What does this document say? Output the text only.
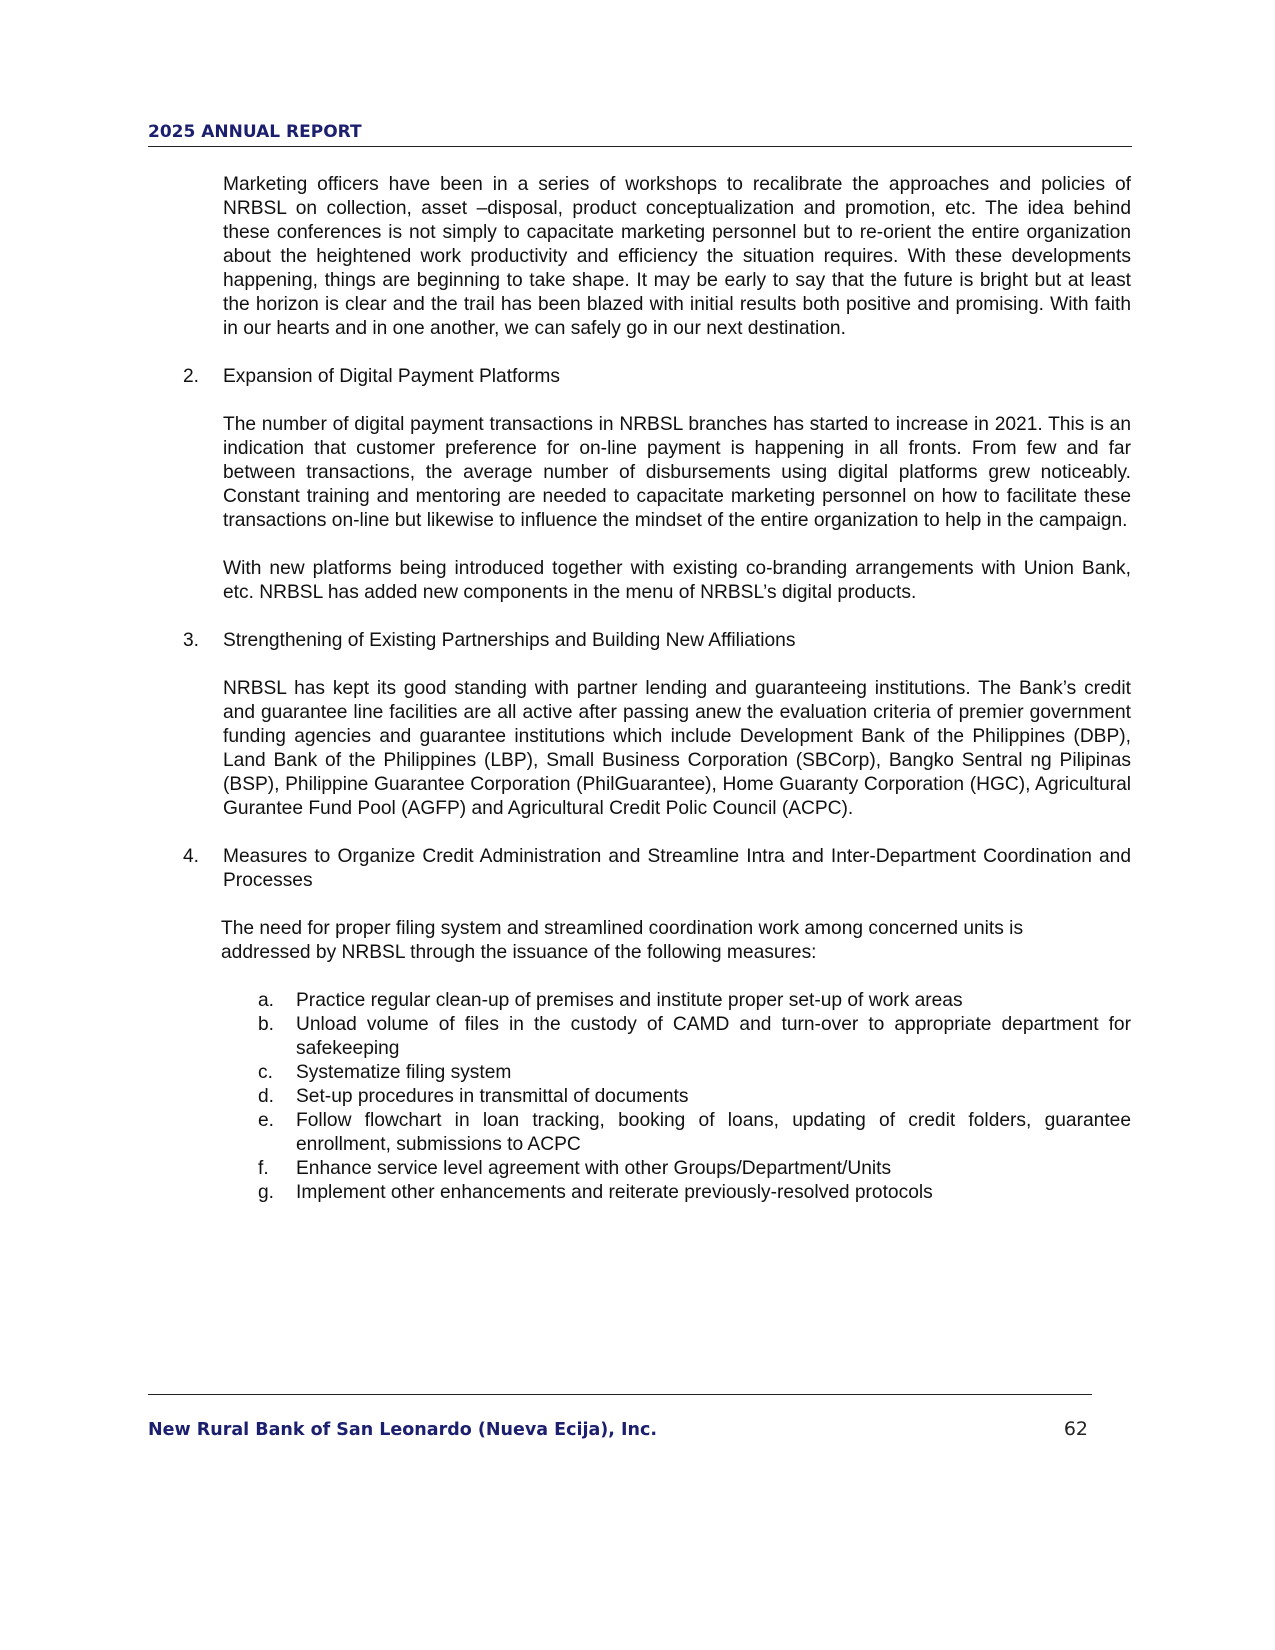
2025 ANNUAL REPORT

Marketing officers have been in a series of workshops to recalibrate the approaches and policies of NRBSL on collection, asset –disposal, product conceptualization and promotion, etc. The idea behind these conferences is not simply to capacitate marketing personnel but to re-orient the entire organization about the heightened work productivity and efficiency the situation requires. With these developments happening, things are beginning to take shape. It may be early to say that the future is bright but at least the horizon is clear and the trail has been blazed with initial results both positive and promising. With faith in our hearts and in one another, we can safely go in our next destination.

2.	Expansion of Digital Payment Platforms

The number of digital payment transactions in NRBSL branches has started to increase in 2021. This is an indication that customer preference for on-line payment is happening in all fronts. From few and far between transactions, the average number of disbursements using digital platforms grew noticeably. Constant training and mentoring are needed to capacitate marketing personnel on how to facilitate these transactions on-line but likewise to influence the mindset of the entire organization to help in the campaign.

With new platforms being introduced together with existing co-branding arrangements with Union Bank, etc. NRBSL has added new components in the menu of NRBSL’s digital products.

3.	Strengthening of Existing Partnerships and Building New Affiliations

NRBSL has kept its good standing with partner lending and guaranteeing institutions. The Bank’s credit and guarantee line facilities are all active after passing anew the evaluation criteria of premier government funding agencies and guarantee institutions which include Development Bank of the Philippines (DBP), Land Bank of the Philippines (LBP), Small Business Corporation (SBCorp), Bangko Sentral ng Pilipinas (BSP), Philippine Guarantee Corporation (PhilGuarantee), Home Guaranty Corporation (HGC), Agricultural Gurantee Fund Pool (AGFP) and Agricultural Credit Polic Council (ACPC).

4.	Measures to Organize Credit Administration and Streamline Intra and Inter-Department Coordination and Processes

The need for proper filing system and streamlined coordination work among concerned units is addressed by NRBSL through the issuance of the following measures:

a.	Practice regular clean-up of premises and institute proper set-up of work areas
b.	Unload volume of files in the custody of CAMD and turn-over to appropriate department for safekeeping
c.	Systematize filing system
d.	Set-up procedures in transmittal of documents
e.	Follow flowchart in loan tracking, booking of loans, updating of credit folders, guarantee enrollment, submissions to ACPC
f.	Enhance service level agreement with other Groups/Department/Units
g.	Implement other enhancements and reiterate previously-resolved protocols
New Rural Bank of San Leonardo (Nueva Ecija), Inc.	62
